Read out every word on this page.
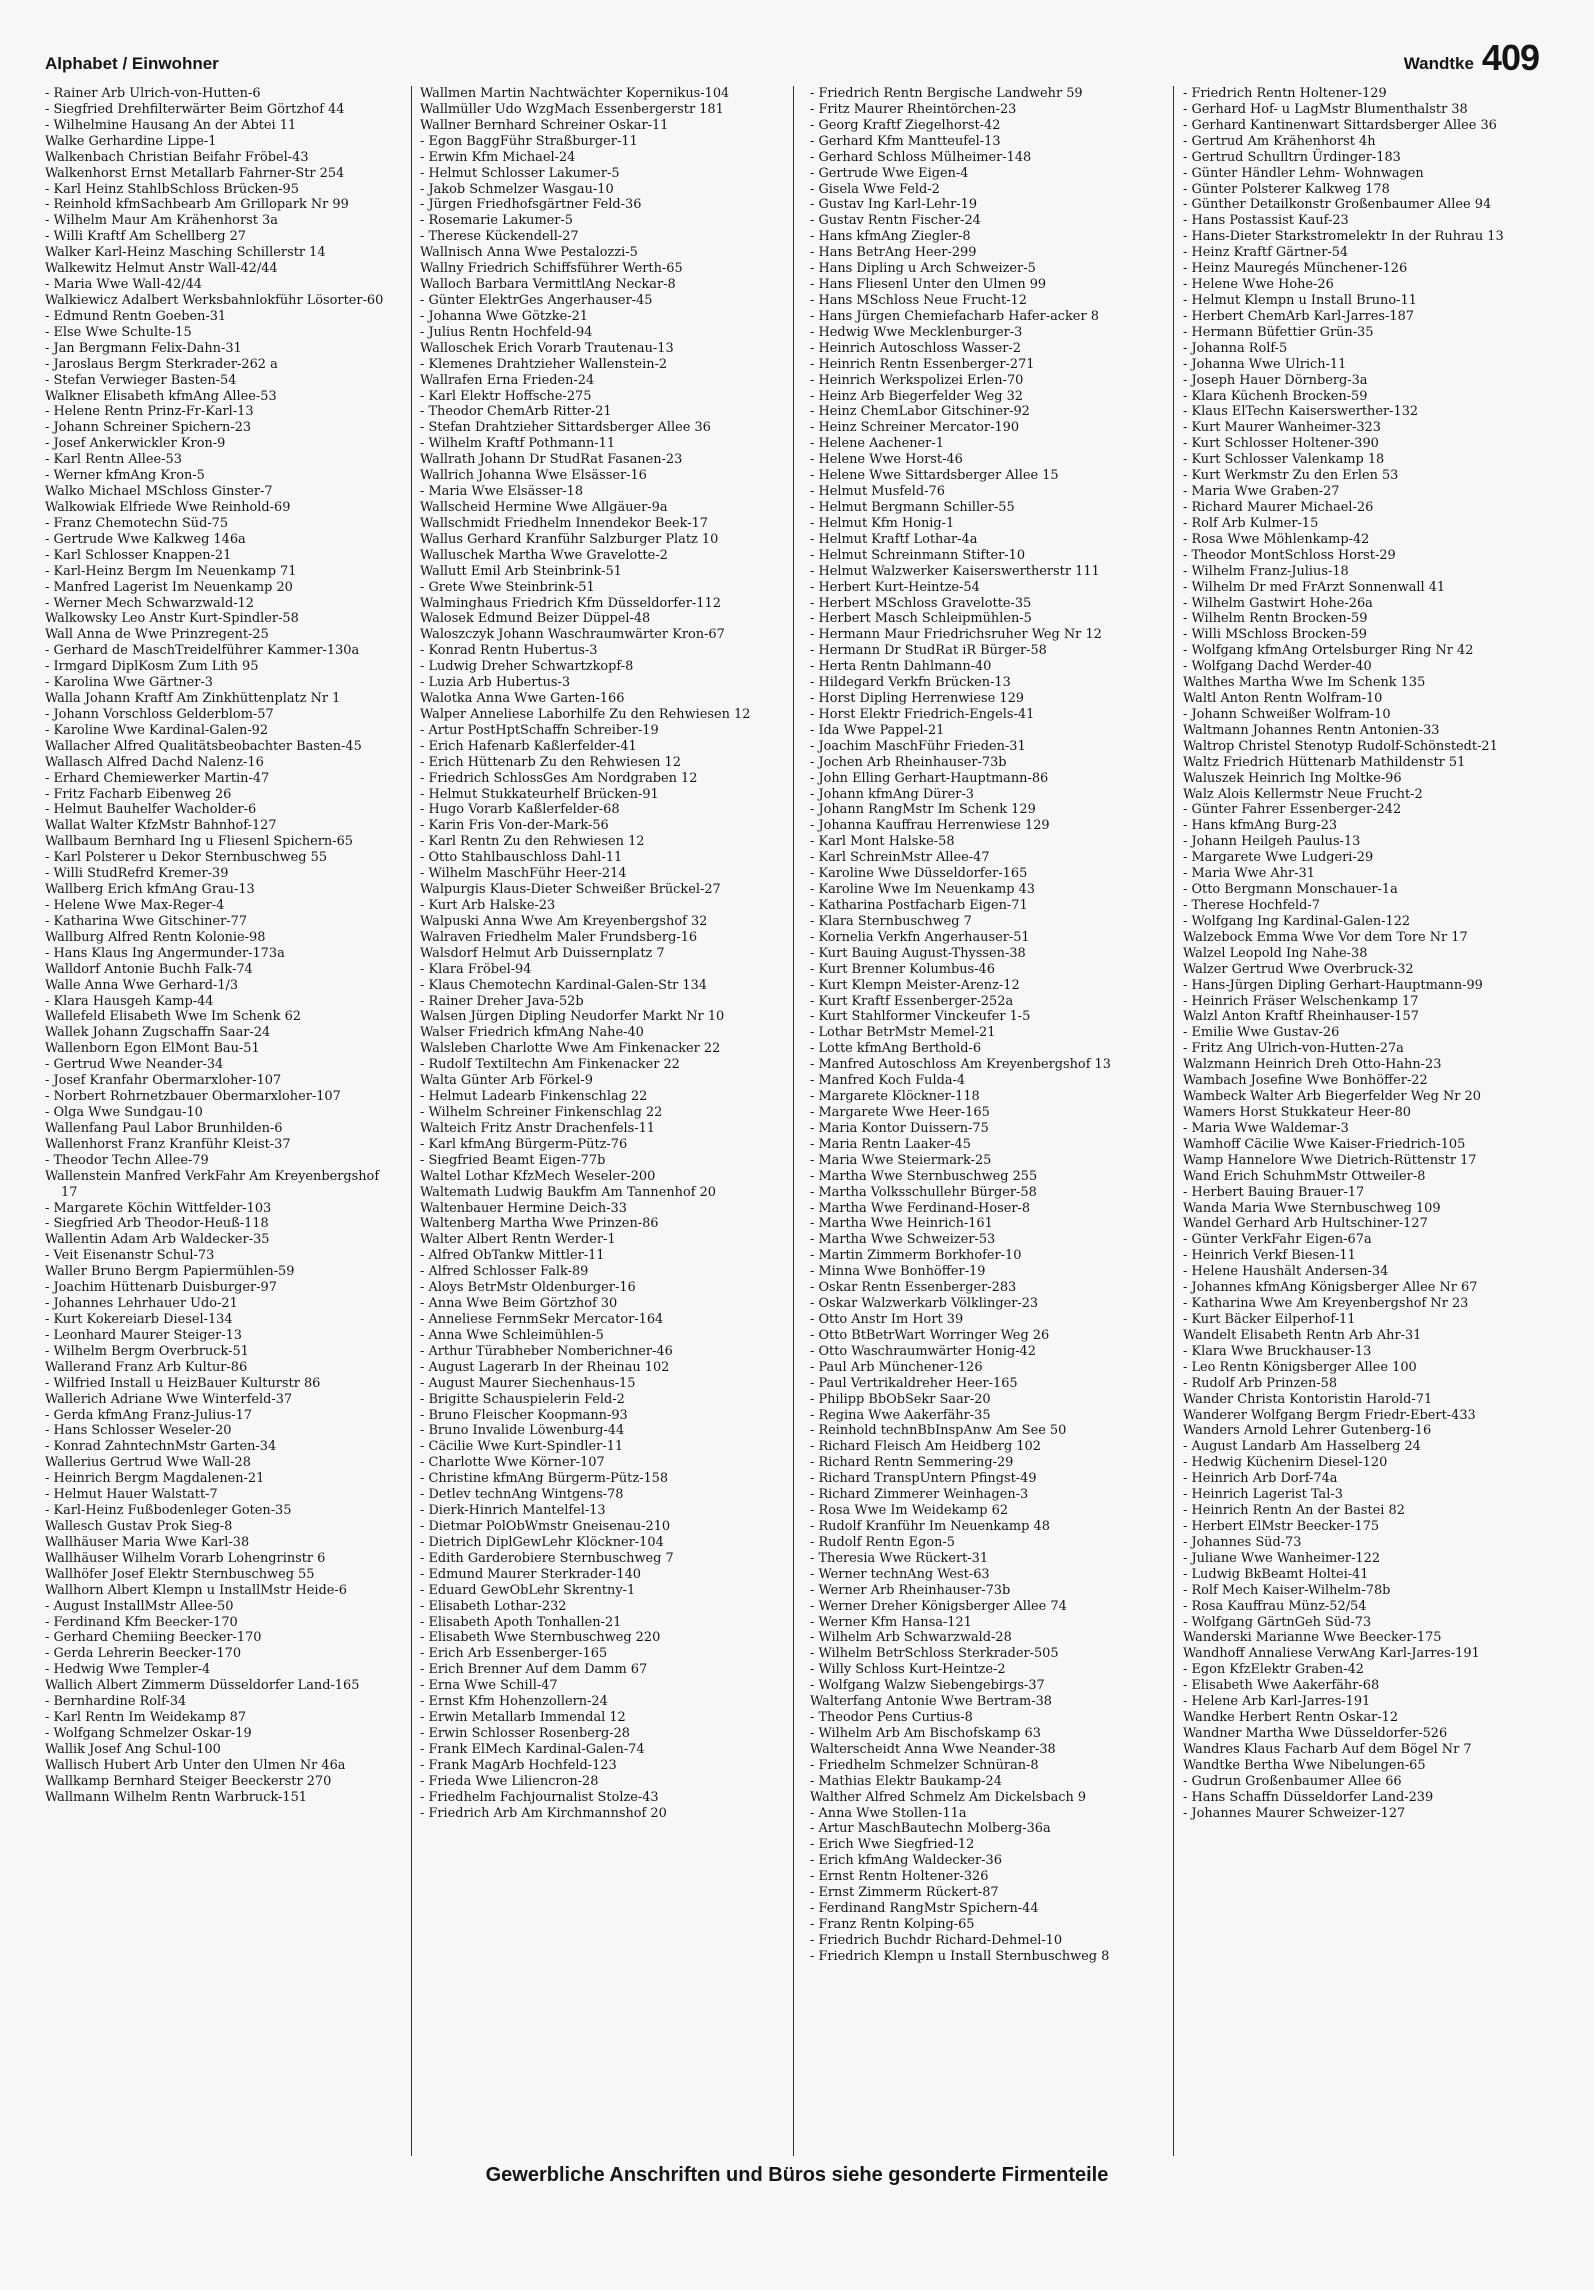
Alphabet / Einwohner	Wandtke 409
- Rainer Arb Ulrich-von-Hutten-6
- Siegfried Drehfilterwärter Beim Görtzhof 44
- Wilhelmine Hausang An der Abtei 11
Walke Gerhardine Lippe-1
Walkenbach Christian Beifahr Fröbel-43
Walkenhorst Ernst Metallarb Fahrner-Str 254
- Karl Heinz StahlbSchloss Brücken-95
- Reinhold kfmSachbearb Am Grillopark Nr 99
- Wilhelm Maur Am Krähenhorst 3a
- Willi Kraftf Am Schellberg 27
Walker Karl-Heinz Masching Schillerstr 14
Walkewitz Helmut Anstr Wall-42/44
- Maria Wwe Wall-42/44
Walkiewicz Adalbert Werksbahnlokführ Lösorter-60
- Edmund Rentn Goeben-31
- Else Wwe Schulte-15
- Jan Bergmann Felix-Dahn-31
- Jaroslaus Bergm Sterkrader-262 a
- Stefan Verwieger Basten-54
Walkner Elisabeth kfmAng Allee-53
- Helene Rentn Prinz-Fr-Karl-13
- Johann Schreiner Spichern-23
- Josef Ankerwickler Kron-9
- Karl Rentn Allee-53
- Werner kfmAng Kron-5
Walko Michael MSchloss Ginster-7
Walkowiak Elfriede Wwe Reinhold-69
- Franz Chemotechn Süd-75
- Gertrude Wwe Kalkweg 146a
- Karl Schlosser Knappen-21
- Karl-Heinz Bergm Im Neuenkamp 71
- Manfred Lagerist Im Neuenkamp 20
- Werner Mech Schwarzwald-12
Walkowsky Leo Anstr Kurt-Spindler-58
Wall Anna de Wwe Prinzregent-25
- Gerhard de MaschTreidelführer Kammer-130a
- Irmgard DiplKosm Zum Lith 95
- Karolina Wwe Gärtner-3
Walla Johann Kraftf Am Zinkhüttenplatz Nr 1
- Johann Vorschloss Gelderblom-57
- Karoline Wwe Kardinal-Galen-92
Wallacher Alfred Qualitätsbeobachter Basten-45
Wallasch Alfred Dachd Nalenz-16
- Erhard Chemiewerker Martin-47
- Fritz Facharb Eibenweg 26
- Helmut Bauhelfer Wacholder-6
Wallat Walter KfzMstr Bahnhof-127
Wallbaum Bernhard Ing u Fliesenl Spichern-65
- Karl Polsterer u Dekor Sternbuschweg 55
- Willi StudRefrd Kremer-39
Wallberg Erich kfmAng Grau-13
- Helene Wwe Max-Reger-4
- Katharina Wwe Gitschiner-77
Wallburg Alfred Rentn Kolonie-98
- Hans Klaus Ing Angermunder-173a
Walldorf Antonie Buchh Falk-74
Walle Anna Wwe Gerhard-1/3
- Klara Hausgeh Kamp-44
Wallefeld Elisabeth Wwe Im Schenk 62
Wallek Johann Zugschaffn Saar-24
Wallenborn Egon ElMont Bau-51
- Gertrud Wwe Neander-34
- Josef Kranfahr Obermarxloher-107
- Norbert Rohrnetzbauer Obermarxloher-107
- Olga Wwe Sundgau-10
Wallenfang Paul Labor Brunhilden-6
Wallenhorst Franz Kranführ Kleist-37
- Theodor Techn Allee-79
Wallenstein Manfred VerkFahr Am Kreyenbergshof 17
- Margarete Köchin Wittfelder-103
- Siegfried Arb Theodor-Heuß-118
Wallentin Adam Arb Waldecker-35
- Veit Eisenanstr Schul-73
Waller Bruno Bergm Papiermühlen-59
- Joachim Hüttenarb Duisburger-97
- Johannes Lehrhauer Udo-21
- Kurt Kokereiarb Diesel-134
- Leonhard Maurer Steiger-13
- Wilhelm Bergm Overbruck-51
Wallerand Franz Arb Kultur-86
- Wilfried Install u HeizBauer Kulturstr 86
Wallerich Adriane Wwe Winterfeld-37
- Gerda kfmAng Franz-Julius-17
- Hans Schlosser Weseler-20
- Konrad ZahntechnMstr Garten-34
Wallerius Gertrud Wwe Wall-28
- Heinrich Bergm Magdalenen-21
- Helmut Hauer Walstatt-7
- Karl-Heinz Fußbodenleger Goten-35
Wallesch Gustav Prok Sieg-8
Wallhäuser Maria Wwe Karl-38
Wallhäuser Wilhelm Vorarb Lohengrinstr 6
Wallhöfer Josef Elektr Sternbuschweg 55
Wallhorn Albert Klempn u InstallMstr Heide-6
- August InstallMstr Allee-50
- Ferdinand Kfm Beecker-170
- Gerhard Chemiing Beecker-170
- Gerda Lehrerin Beecker-170
- Hedwig Wwe Templer-4
Wallich Albert Zimmerm Düsseldorfer Land-165
- Bernhardine Rolf-34
- Karl Rentn Im Weidekamp 87
- Wolfgang Schmelzer Oskar-19
Wallik Josef Ang Schul-100
Wallisch Hubert Arb Unter den Ulmen Nr 46a
Wallkamp Bernhard Steiger Beeckerstr 270
Wallmann Wilhelm Rentn Warbruck-151
Wallmen Martin Nachtwächter Kopernikus-104
Wallmüller Udo WzgMach Essenbergerstr 181
Wallner Bernhard Schreiner Oskar-11
- Egon BaggFühr Straßburger-11
- Erwin Kfm Michael-24
- Helmut Schlosser Lakumer-5
- Jakob Schmelzer Wasgau-10
- Jürgen Friedhofsgärtner Feld-36
- Rosemarie Lakumer-5
- Therese Kückendell-27
Wallnisch Anna Wwe Pestalozzi-5
Wallny Friedrich Schiffsführer Werth-65
Walloch Barbara VermittlAng Neckar-8
- Günter ElektrGes Angerhauser-45
- Johanna Wwe Götzke-21
- Julius Rentn Hochfeld-94
Walloschek Erich Vorarb Trautenau-13
- Klemenes Drahtzieher Wallenstein-2
Wallrafen Erna Frieden-24
- Karl Elektr Hoffsche-275
- Theodor ChemArb Ritter-21
- Stefan Drahtzieher Sittardsberger Allee 36
- Wilhelm Kraftf Pothmann-11
Wallrath Johann Dr StudRat Fasanen-23
Wallrich Johanna Wwe Elsässer-16
- Maria Wwe Elsässer-18
Wallscheid Hermine Wwe Allgäuer-9a
Wallschmidt Friedhelm Innendekor Beek-17
Wallus Gerhard Kranführ Salzburger Platz 10
Walluschek Martha Wwe Gravelotte-2
Wallutt Emil Arb Steinbrink-51
- Grete Wwe Steinbrink-51
Walminghaus Friedrich Kfm Düsseldorfer-112
Walosek Edmund Beizer Düppel-48
Waloszczyk Johann Waschraumwärter Kron-67
- Konrad Rentn Hubertus-3
- Ludwig Dreher Schwartzkopf-8
- Luzia Arb Hubertus-3
Walotka Anna Wwe Garten-166
Walper Anneliese Laborhilfe Zu den Rehwiesen 12
- Artur PostHptSchaffn Schreiber-19
- Erich Hafenarb Kaßlerfelder-41
- Erich Hüttenarb Zu den Rehwiesen 12
- Friedrich SchlossGes Am Nordgraben 12
- Helmut Stukkateurhelf Brücken-91
- Hugo Vorarb Kaßlerfelder-68
- Karin Fris Von-der-Mark-56
- Karl Rentn Zu den Rehwiesen 12
- Otto Stahlbauschloss Dahl-11
- Wilhelm MaschFühr Heer-214
Walpurgis Klaus-Dieter Schweißer Brückel-27
- Kurt Arb Halske-23
Walpuski Anna Wwe Am Kreyenbergshof 32
Walraven Friedhelm Maler Frundsberg-16
Walsdorf Helmut Arb Duissernplatz 7
- Klara Fröbel-94
- Klaus Chemotechn Kardinal-Galen-Str 134
- Rainer Dreher Java-52b
Walsen Jürgen Dipling Neudorfer Markt Nr 10
Walser Friedrich kfmAng Nahe-40
Walsleben Charlotte Wwe Am Finkenacker 22
- Rudolf Textiltechn Am Finkenacker 22
Walta Günter Arb Förkel-9
- Helmut Ladearb Finkenschlag 22
- Wilhelm Schreiner Finkenschlag 22
Walteich Fritz Anstr Drachenfels-11
- Karl kfmAng Bürgerm-Pütz-76
- Siegfried Beamt Eigen-77b
Waltel Lothar KfzMech Weseler-200
Waltemath Ludwig Baukfm Am Tannenhof 20
Waltenbauer Hermine Deich-33
Waltenberg Martha Wwe Prinzen-86
Walter Albert Rentn Werder-1
- Alfred ObTankw Mittler-11
- Alfred Schlosser Falk-89
- Aloys BetrMstr Oldenburger-16
- Anna Wwe Beim Görtzhof 30
- Anneliese FernmSekr Mercator-164
- Anna Wwe Schleimühlen-5
- Arthur Türabheber Nomberichner-46
- August Lagerarb In der Rheinau 102
- August Maurer Siechenhaus-15
- Brigitte Schauspielerin Feld-2
- Bruno Fleischer Koopmann-93
- Bruno Invalide Löwenburg-44
- Cäcilie Wwe Kurt-Spindler-11
- Charlotte Wwe Körner-107
- Christine kfmAng Bürgerm-Pütz-158
- Detlev technAng Wintgens-78
- Dierk-Hinrich Mantelfel-13
- Dietmar PolObWmstr Gneisenau-210
- Dietrich DiplGewLehr Klöckner-104
- Edith Garderobiere Sternbuschweg 7
- Edmund Maurer Sterkrader-140
- Eduard GewObLehr Skrentny-1
- Elisabeth Lothar-232
- Elisabeth Apoth Tonhallen-21
- Elisabeth Wwe Sternbuschweg 220
- Erich Arb Essenberger-165
- Erich Brenner Auf dem Damm 67
- Erna Wwe Schill-47
- Ernst Kfm Hohenzollern-24
- Erwin Metallarb Immendal 12
- Erwin Schlosser Rosenberg-28
- Frank ElMech Kardinal-Galen-74
- Frank MagArb Hochfeld-123
- Frieda Wwe Liliencron-28
- Friedhelm Fachjournalist Stolze-43
- Friedrich Arb Am Kirchmannshof 20
- Friedrich Rentn Bergische Landwehr 59
- Fritz Maurer Rheintörchen-23
- Georg Kraftf Ziegelhorst-42
- Gerhard Kfm Mantteufel-13
- Gerhard Schloss Mülheimer-148
- Gertrude Wwe Eigen-4
- Gisela Wwe Feld-2
- Gustav Ing Karl-Lehr-19
- Gustav Rentn Fischer-24
- Hans kfmAng Ziegler-8
- Hans BetrAng Heer-299
- Hans Dipling u Arch Schweizer-5
- Hans Fliesenl Unter den Ulmen 99
- Hans MSchloss Neue Frucht-12
- Hans Jürgen Chemiefacharb Hafer-acker 8
- Hedwig Wwe Mecklenburger-3
- Heinrich Autoschloss Wasser-2
- Heinrich Rentn Essenberger-271
- Heinrich Werkspolizei Erlen-70
- Heinz Arb Biegerfelder Weg 32
- Heinz ChemLabor Gitschiner-92
- Heinz Schreiner Mercator-190
- Helene Aachener-1
- Helene Wwe Horst-46
- Helene Wwe Sittardsberger Allee 15
- Helmut Musfeld-76
- Helmut Bergmann Schiller-55
- Helmut Kfm Honig-1
- Helmut Kraftf Lothar-4a
- Helmut Schreinmann Stifter-10
- Helmut Walzwerker Kaiserswertherstr 111
- Herbert Kurt-Heintze-54
- Herbert MSchloss Gravelotte-35
- Herbert Masch Schleipmühlen-5
- Hermann Maur Friedrichsruher Weg Nr 12
- Hermann Dr StudRat iR Bürger-58
- Herta Rentn Dahlmann-40
- Hildegard Verkfn Brücken-13
- Horst Dipling Herrenwiese 129
- Horst Elektr Friedrich-Engels-41
- Ida Wwe Pappel-21
- Joachim MaschFühr Frieden-31
- Jochen Arb Rheinhauser-73b
- John Elling Gerhart-Hauptmann-86
- Johann kfmAng Dürer-3
- Johann RangMstr Im Schenk 129
- Johanna Kauffrau Herrenwiese 129
- Karl Mont Halske-58
- Karl SchreinMstr Allee-47
- Karoline Wwe Düsseldorfer-165
- Karoline Wwe Im Neuenkamp 43
- Katharina Postfacharb Eigen-71
- Klara Sternbuschweg 7
- Kornelia Verkfn Angerhauser-51
- Kurt Bauing August-Thyssen-38
- Kurt Brenner Kolumbus-46
- Kurt Klempn Meister-Arenz-12
- Kurt Kraftf Essenberger-252a
- Kurt Stahlformer Vinckeufer 1-5
- Lothar BetrMstr Memel-21
- Lotte kfmAng Berthold-6
- Manfred Autoschloss Am Kreyenbergshof 13
- Manfred Koch Fulda-4
- Margarete Klöckner-118
- Margarete Wwe Heer-165
- Maria Kontor Duissern-75
- Maria Rentn Laaker-45
- Maria Wwe Steiermark-25
- Martha Wwe Sternbuschweg 255
- Martha Volksschullehr Bürger-58
- Martha Wwe Ferdinand-Hoser-8
- Martha Wwe Heinrich-161
- Martha Wwe Schweizer-53
- Martin Zimmerm Borkhofer-10
- Minna Wwe Bonhöffer-19
- Oskar Rentn Essenberger-283
- Oskar Walzwerkarb Völklinger-23
- Otto Anstr Im Hort 39
- Otto BtBetrWart Worringer Weg 26
- Otto Waschraumwärter Honig-42
- Paul Arb Münchener-126
- Paul Vertrikaldreher Heer-165
- Philipp BbObSekr Saar-20
- Regina Wwe Aakerfähr-35
- Reinhold technBbInspAnw Am See 50
- Richard Fleisch Am Heidberg 102
- Richard Rentn Semmering-29
- Richard TranspUntern Pfingst-49
- Richard Zimmerer Weinhagen-3
- Rosa Wwe Im Weidekamp 62
- Rudolf Kranführ Im Neuenkamp 48
- Rudolf Rentn Egon-5
- Theresia Wwe Rückert-31
- Werner technAng West-63
- Werner Arb Rheinhauser-73b
- Werner Dreher Königsberger Allee 74
- Werner Kfm Hansa-121
- Wilhelm Arb Schwarzwald-28
- Wilhelm BetrSchloss Sterkrader-505
- Willy Schloss Kurt-Heintze-2
- Wolfgang Walzw Siebengebirgs-37
Walterfang Antonie Wwe Bertram-38
- Theodor Pens Curtius-8
- Wilhelm Arb Am Bischofskamp 63
Walterscheidt Anna Wwe Neander-38
- Friedhelm Schmelzer Schnüran-8
- Mathias Elektr Baukamp-24
Walther Alfred Schmelz Am Dickelsbach 9
- Anna Wwe Stollen-11a
- Artur MaschBautechn Molberg-36a
- Erich Wwe Siegfried-12
- Erich kfmAng Waldecker-36
- Ernst Rentn Holtener-326
- Ernst Zimmerm Rückert-87
- Ferdinand RangMstr Spichern-44
- Franz Rentn Kolping-65
- Friedrich Buchdr Richard-Dehmel-10
- Friedrich Klempn u Install Sternbuschweg 8
- Friedrich Rentn Holtener-129
- Gerhard Hof- u LagMstr Blumenthalstr 38
- Gerhard Kantinenwart Sittardsberger Allee 36
- Gertrud Am Krähenhorst 4h
- Gertrud Schulltrn Ürdinger-183
- Günter Händler Lehm- Wohnwagen
- Günter Polsterer Kalkweg 178
- Günther Detailkonstr Großenbaumer Allee 94
- Hans Postassist Kauf-23
- Hans-Dieter Starkstromelektr In der Ruhrau 13
- Heinz Kraftf Gärtner-54
- Heinz Mauregés Münchener-126
- Helene Wwe Hohe-26
- Helmut Klempn u Install Bruno-11
- Herbert ChemArb Karl-Jarres-187
- Hermann Büfettier Grün-35
- Johanna Rolf-5
- Johanna Wwe Ulrich-11
- Joseph Hauer Dörnberg-3a
- Klara Küchenh Brocken-59
- Klaus ElTechn Kaiserswerther-132
- Kurt Maurer Wanheimer-323
- Kurt Schlosser Holtener-390
- Kurt Schlosser Valenkamp 18
- Kurt Werkmstr Zu den Erlen 53
- Maria Wwe Graben-27
- Richard Maurer Michael-26
- Rolf Arb Kulmer-15
- Rosa Wwe Möhlenkamp-42
- Theodor MontSchloss Horst-29
- Wilhelm Franz-Julius-18
- Wilhelm Dr med FrArzt Sonnenwall 41
- Wilhelm Gastwirt Hohe-26a
- Wilhelm Rentn Brocken-59
- Willi MSchloss Brocken-59
- Wolfgang kfmAng Ortelsburger Ring Nr 42
- Wolfgang Dachd Werder-40
Walthes Martha Wwe Im Schenk 135
Waltl Anton Rentn Wolfram-10
- Johann Schweißer Wolfram-10
Waltmann Johannes Rentn Antonien-33
Waltrop Christel Stenotyp Rudolf-Schönstedt-21
Waltz Friedrich Hüttenarb Mathildenstr 51
Waluszek Heinrich Ing Moltke-96
Walz Alois Kellermstr Neue Frucht-2
- Günter Fahrer Essenberger-242
- Hans kfmAng Burg-23
- Johann Heilgeh Paulus-13
- Margarete Wwe Ludgeri-29
- Maria Wwe Ahr-31
- Otto Bergmann Monschauer-1a
- Therese Hochfeld-7
- Wolfgang Ing Kardinal-Galen-122
Walzebock Emma Wwe Vor dem Tore Nr 17
Walzel Leopold Ing Nahe-38
Walzer Gertrud Wwe Overbruck-32
- Hans-Jürgen Dipling Gerhart-Hauptmann-99
- Heinrich Fräser Welschenkamp 17
Walzl Anton Kraftf Rheinhauser-157
- Emilie Wwe Gustav-26
- Fritz Ang Ulrich-von-Hutten-27a
Walzmann Heinrich Dreh Otto-Hahn-23
Wambach Josefine Wwe Bonhöffer-22
Wambeck Walter Arb Biegerfelder Weg Nr 20
Wamers Horst Stukkateur Heer-80
- Maria Wwe Waldemar-3
Wamhoff Cäcilie Wwe Kaiser-Friedrich-105
Wamp Hannelore Wwe Dietrich-Rüttenstr 17
Wand Erich SchuhmMstr Ottweiler-8
- Herbert Bauing Brauer-17
Wanda Maria Wwe Sternbuschweg 109
Wandel Gerhard Arb Hultschiner-127
- Günter VerkFahr Eigen-67a
- Heinrich Verkf Biesen-11
- Helene Haushält Andersen-34
- Johannes kfmAng Königsberger Allee Nr 67
- Katharina Wwe Am Kreyenbergshof Nr 23
- Kurt Bäcker Eilperhof-11
Wandelt Elisabeth Rentn Arb Ahr-31
- Klara Wwe Bruckhauser-13
- Leo Rentn Königsberger Allee 100
- Rudolf Arb Prinzen-58
Wander Christa Kontoristin Harold-71
Wanderer Wolfgang Bergm Friedr-Ebert-433
Wanders Arnold Lehrer Gutenberg-16
- August Landarb Am Hasselberg 24
- Hedwig Küchenirn Diesel-120
- Heinrich Arb Dorf-74a
- Heinrich Lagerist Tal-3
- Heinrich Rentn An der Bastei 82
- Herbert ElMstr Beecker-175
- Johannes Süd-73
- Juliane Wwe Wanheimer-122
- Ludwig BkBeamt Holtei-41
- Rolf Mech Kaiser-Wilhelm-78b
- Rosa Kauffrau Münz-52/54
- Wolfgang GärtnGeh Süd-73
Wanderski Marianne Wwe Beecker-175
Wandhoff Annaliese VerwAng Karl-Jarres-191
- Egon KfzElektr Graben-42
- Elisabeth Wwe Aakerfähr-68
- Helene Arb Karl-Jarres-191
Wandke Herbert Rentn Oskar-12
Wandner Martha Wwe Düsseldorfer-526
Wandres Klaus Facharb Auf dem Bögel Nr 7
Wandtke Bertha Wwe Nibelungen-65
- Gudrun Großenbaumer Allee 66
- Hans Schaffn Düsseldorfer Land-239
- Johannes Maurer Schweizer-127
Gewerbliche Anschriften und Büros siehe gesonderte Firmenteile
